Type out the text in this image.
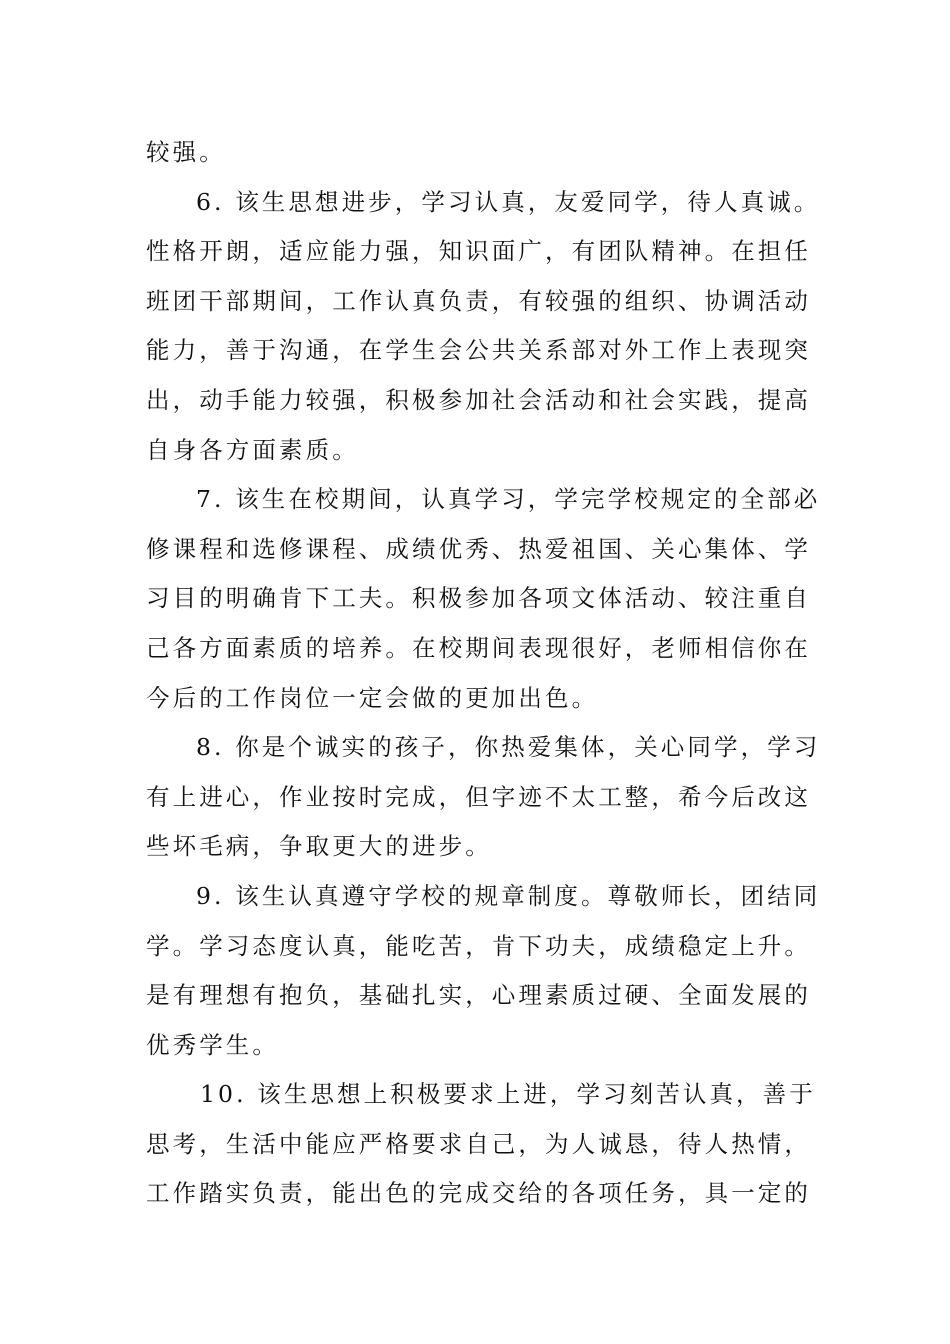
较强。
6. 该生思想进步，学习认真，友爱同学，待人真诚。
性格开朗，适应能力强，知识面广，有团队精神。在担任
班团干部期间，工作认真负责，有较强的组织、协调活动
能力，善于沟通，在学生会公共关系部对外工作上表现突
出，动手能力较强，积极参加社会活动和社会实践，提高
自身各方面素质。
7. 该生在校期间，认真学习，学完学校规定的全部必
修课程和选修课程、成绩优秀、热爱祖国、关心集体、学
习目的明确肯下工夫。积极参加各项文体活动、较注重自
己各方面素质的培养。在校期间表现很好，老师相信你在
今后的工作岗位一定会做的更加出色。
8. 你是个诚实的孩子，你热爱集体，关心同学，学习
有上进心，作业按时完成，但字迹不太工整，希今后改这
些坏毛病，争取更大的进步。
9. 该生认真遵守学校的规章制度。尊敬师长，团结同
学。学习态度认真，能吃苦，肯下功夫，成绩稳定上升。
是有理想有抱负，基础扎实，心理素质过硬、全面发展的
优秀学生。
10. 该生思想上积极要求上进，学习刻苦认真，善于
思考，生活中能应严格要求自己，为人诚恳，待人热情，
工作踏实负责，能出色的完成交给的各项任务，具一定的
